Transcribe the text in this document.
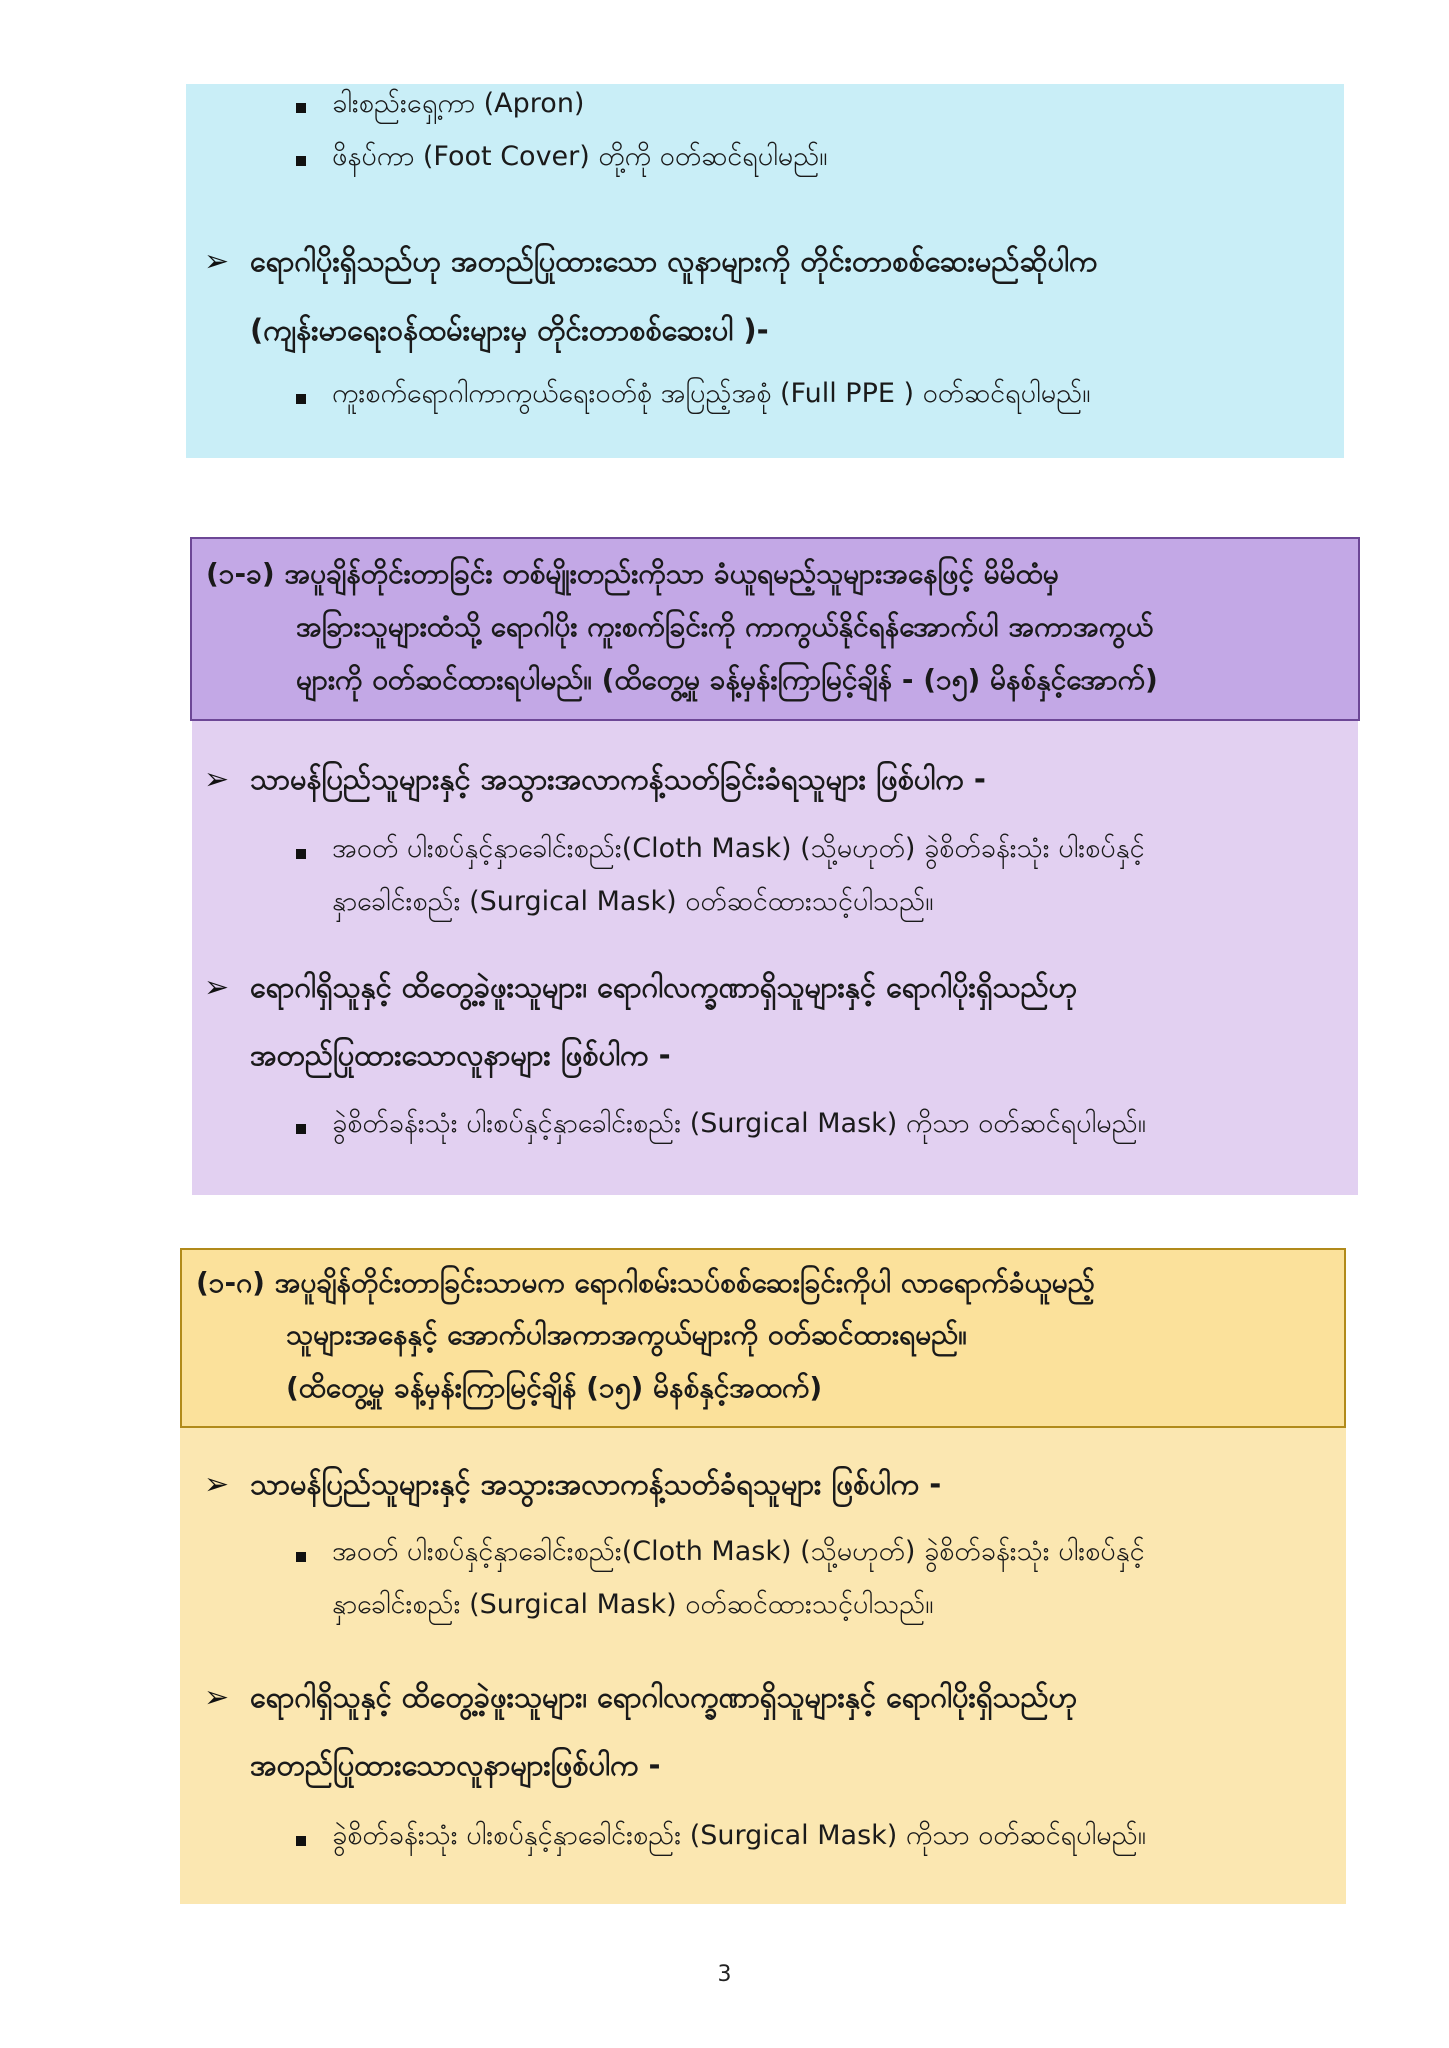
ခါးစည်းရှေ့ကာ (Apron)
ဖိနပ်ကာ (Foot Cover) တို့ကို ဝတ်ဆင်ရပါမည်။
➢ ရောဂါပိုးရှိသည်ဟု အတည်ပြုထားသော လူနာများကို တိုင်းတာစစ်ဆေးမည်ဆိုပါက
(ကျန်းမာရေးဝန်ထမ်းများမှ တိုင်းတာစစ်ဆေးပါ )-
ကူးစက်ရောဂါကာကွယ်ရေးဝတ်စုံ အပြည့်အစုံ (Full PPE ) ဝတ်ဆင်ရပါမည်။
(၁-ခ) အပူချိန်တိုင်းတာခြင်း တစ်မျိုးတည်းကိုသာ ခံယူရမည့်သူများအနေဖြင့် မိမိထံမှ
အခြားသူများထံသို့ ရောဂါပိုး ကူးစက်ခြင်းကို ကာကွယ်နိုင်ရန်အောက်ပါ အကာအကွယ်
များကို ဝတ်ဆင်ထားရပါမည်။ (ထိတွေ့မှု ခန့်မှန်းကြာမြင့်ချိန် - (၁၅) မိနစ်နှင့်အောက်)
➢ သာမန်ပြည်သူများနှင့် အသွားအလာကန့်သတ်ခြင်းခံရသူများ ဖြစ်ပါက -
အဝတ် ပါးစပ်နှင့်နှာခေါင်းစည်း(Cloth Mask) (သို့မဟုတ်) ခွဲစိတ်ခန်းသုံး ပါးစပ်နှင့်
နှာခေါင်းစည်း (Surgical Mask) ဝတ်ဆင်ထားသင့်ပါသည်။
➢ ရောဂါရှိသူနှင့် ထိတွေ့ခဲ့ဖူးသူများ၊ ရောဂါလက္ခဏာရှိသူများနှင့် ရောဂါပိုးရှိသည်ဟု
အတည်ပြုထားသောလူနာများ ဖြစ်ပါက -
ခွဲစိတ်ခန်းသုံး ပါးစပ်နှင့်နှာခေါင်းစည်း (Surgical Mask) ကိုသာ ဝတ်ဆင်ရပါမည်။
(၁-ဂ) အပူချိန်တိုင်းတာခြင်းသာမက ရောဂါစမ်းသပ်စစ်ဆေးခြင်းကိုပါ လာရောက်ခံယူမည့်
သူများအနေနှင့် အောက်ပါအကာအကွယ်များကို ဝတ်ဆင်ထားရမည်။
(ထိတွေ့မှု ခန့်မှန်းကြာမြင့်ချိန် (၁၅) မိနစ်နှင့်အထက်)
➢ သာမန်ပြည်သူများနှင့် အသွားအလာကန့်သတ်ခံရသူများ ဖြစ်ပါက -
အဝတ် ပါးစပ်နှင့်နှာခေါင်းစည်း(Cloth Mask) (သို့မဟုတ်) ခွဲစိတ်ခန်းသုံး ပါးစပ်နှင့်
နှာခေါင်းစည်း (Surgical Mask) ဝတ်ဆင်ထားသင့်ပါသည်။
➢ ရောဂါရှိသူနှင့် ထိတွေ့ခဲ့ဖူးသူများ၊ ရောဂါလက္ခဏာရှိသူများနှင့် ရောဂါပိုးရှိသည်ဟု
အတည်ပြုထားသောလူနာများဖြစ်ပါက -
ခွဲစိတ်ခန်းသုံး ပါးစပ်နှင့်နှာခေါင်းစည်း (Surgical Mask) ကိုသာ ဝတ်ဆင်ရပါမည်။
3
